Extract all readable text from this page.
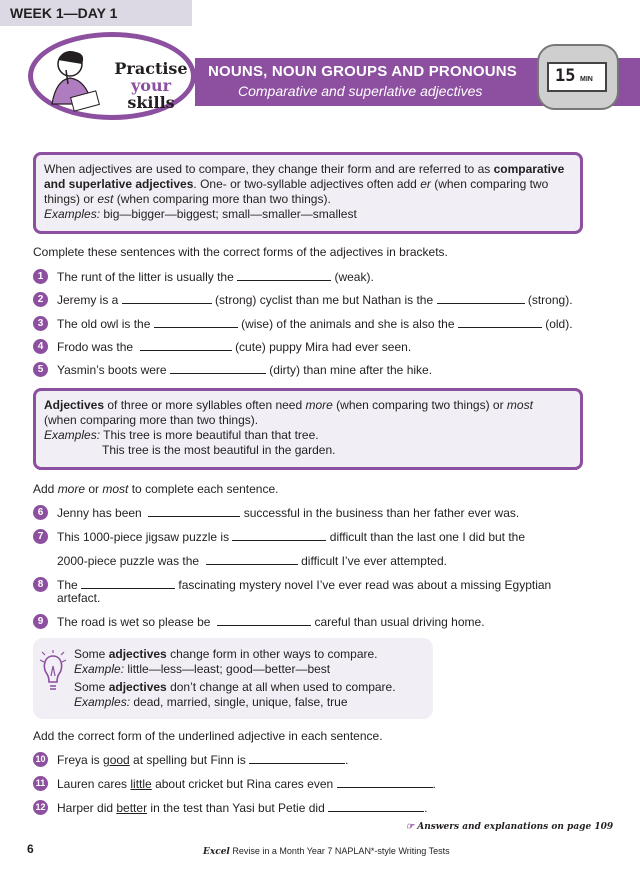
WEEK 1—DAY 1
NOUNS, NOUN GROUPS AND PRONOUNS
Comparative and superlative adjectives
Practise
your
skills
15 MIN
When adjectives are used to compare, they change their form and are referred to as comparative
and superlative adjectives. One- or two-syllable adjectives often add er (when comparing two
things) or est (when comparing more than two things).
Examples: big—bigger—biggest; small—smaller—smallest
Complete these sentences with the correct forms of the adjectives in brackets.
1	The runt of the litter is usually the	(weak).
2	Jeremy is a	(strong) cyclist than me but Nathan is the	(strong).
3	The old owl is the	(wise) of the animals and she is also the	(old).
4	Frodo was the	(cute) puppy Mira had ever seen.
5	Yasmin’s boots were	(dirty) than mine after the hike.
Adjectives of three or more syllables often need more (when comparing two things) or most
(when comparing more than two things).
Examples: This tree is more beautiful than that tree.
This tree is the most beautiful in the garden.
Add more or most to complete each sentence.
6	Jenny has been	successful in the business than her father ever was.
7	This 1000-piece jigsaw puzzle is	difficult than the last one I did but the
2000-piece puzzle was the	difficult I’ve ever attempted.
8	The	fascinating mystery novel I’ve ever read was about a missing Egyptian
artefact.
9	The road is wet so please be	careful than usual driving home.
Some adjectives change form in other ways to compare.
Example: little—less—least; good—better—best
Some adjectives don’t change at all when used to compare.
Examples: dead, married, single, unique, false, true
Add the correct form of the underlined adjective in each sentence.
10 Freya is good at spelling but Finn is	.
11 Lauren cares little about cricket but Rina cares even	.
12 Harper did better in the test than Yasi but Petie did	.
☞ Answers and explanations on page 109
6	Excel Revise in a Month Year 7 NAPLAN*-style Writing Tests
